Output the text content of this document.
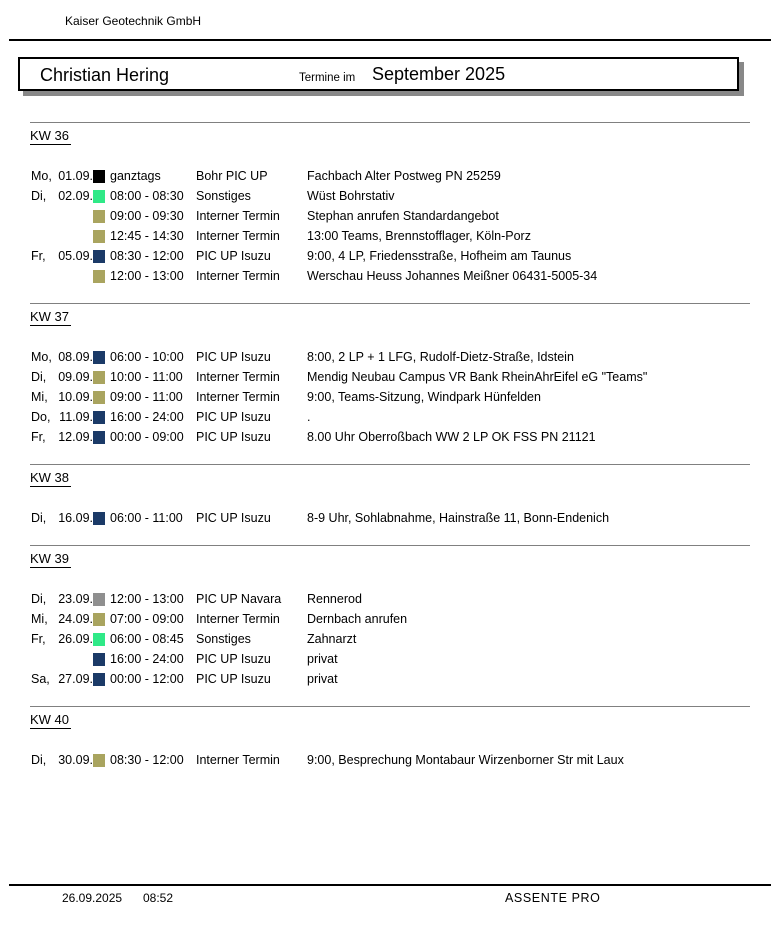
Kaiser Geotechnik GmbH
Christian Hering	Termine im September 2025
KW 36
Mo, 01.09. ganztags	Bohr PIC UP	Fachbach Alter Postweg PN 25259
Di, 02.09. 08:00 - 08:30 Sonstiges	Wüst Bohrstativ
09:00 - 09:30 Interner Termin	Stephan anrufen Standardangebot
12:45 - 14:30 Interner Termin	13:00 Teams, Brennstofflager, Köln-Porz
Fr, 05.09. 08:30 - 12:00 PIC UP Isuzu	9:00, 4 LP, Friedensstraße, Hofheim am Taunus
12:00 - 13:00 Interner Termin	Werschau Heuss Johannes Meißner 06431-5005-34
KW 37
Mo, 08.09. 06:00 - 10:00 PIC UP Isuzu	8:00, 2 LP + 1 LFG, Rudolf-Dietz-Straße, Idstein
Di, 09.09. 10:00 - 11:00	Interner Termin	Mendig Neubau Campus VR Bank RheinAhrEifel eG "Teams"
Mi, 10.09. 09:00 - 11:00	Interner Termin	9:00, Teams-Sitzung, Windpark Hünfelden
Do, 11.09. 16:00 - 24:00 PIC UP Isuzu	.
Fr, 12.09. 00:00 - 09:00 PIC UP Isuzu	8.00 Uhr Oberroßbach WW 2 LP OK FSS PN 21121
KW 38
Di, 16.09. 06:00 - 11:00	PIC UP Isuzu	8-9 Uhr, Sohlabnahme, Hainstraße 11, Bonn-Endenich
KW 39
Di, 23.09. 12:00 - 13:00 PIC UP Navara	Rennerod
Mi, 24.09. 07:00 - 09:00 Interner Termin	Dernbach anrufen
Fr, 26.09. 06:00 - 08:45 Sonstiges	Zahnarzt
16:00 - 24:00 PIC UP Isuzu	privat
Sa, 27.09. 00:00 - 12:00 PIC UP Isuzu	privat
KW 40
Di, 30.09. 08:30 - 12:00 Interner Termin	9:00, Besprechung Montabaur Wirzenborner Str mit Laux
26.09.2025 08:52	ASSENTE PRO
